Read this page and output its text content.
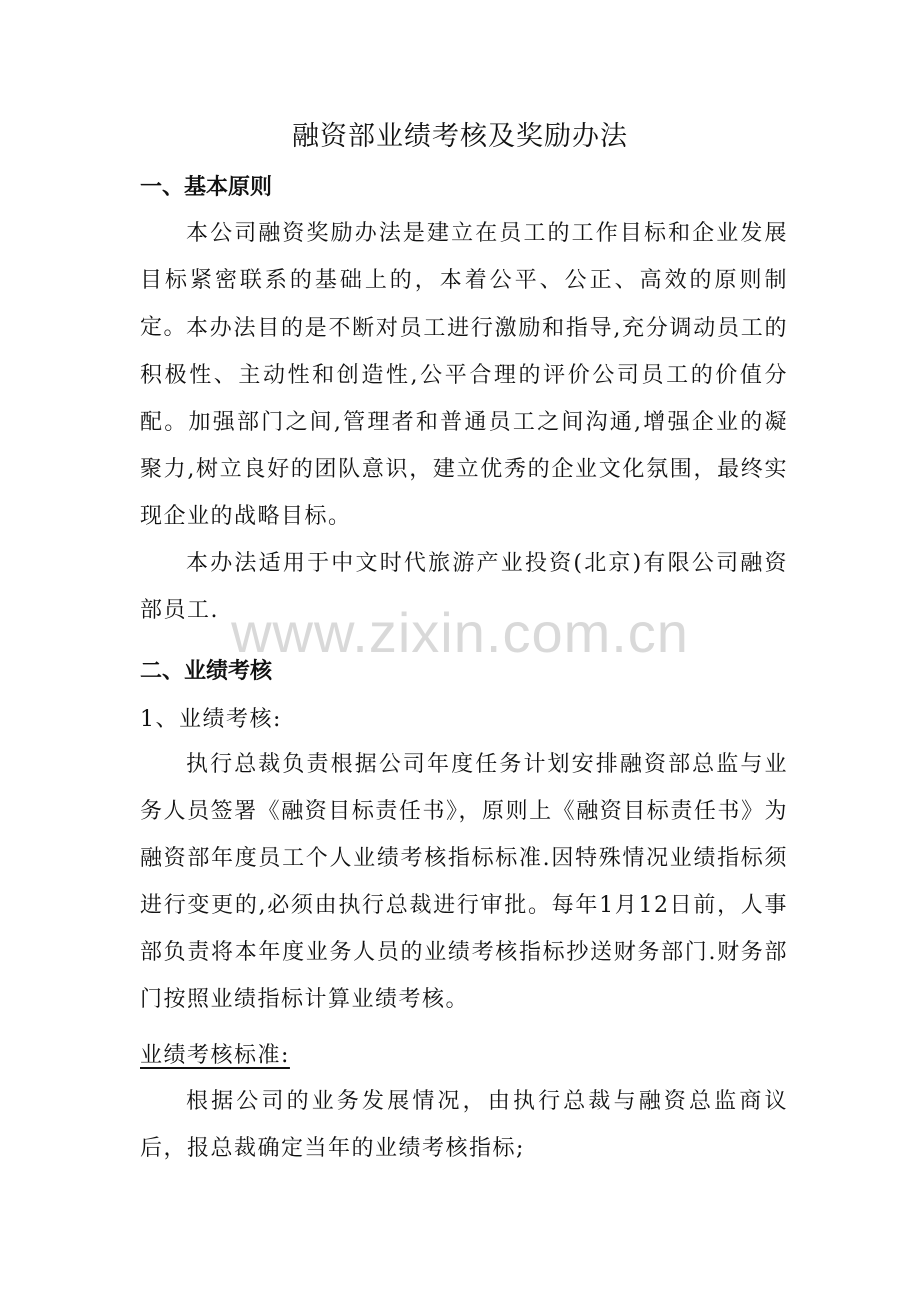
www.zixin.com.cn
融资部业绩考核及奖励办法
一、基本原则

本公司融资奖励办法是建立在员工的工作目标和企业发展目标紧密联系的基础上的，本着公平、公正、高效的原则制定。

本办法目的是不断对员工进行激励和指导,充分调动员工的积极性、主动性和创造性,公平合理的评价公司员工的价值分配。加强部门之间,管理者和普通员工之间沟通,增强企业的凝聚力,树立良好的团队意识，建立优秀的企业文化氛围，最终实现企业的战略目标。

本办法适用于中文时代旅游产业投资(北京)有限公司融资部员工.

二、业绩考核

1、业绩考核:

执行总裁负责根据公司年度任务计划安排融资部总监与业务人员签署《融资目标责任书》，原则上《融资目标责任书》为融资部年度员工个人业绩考核指标标准.因特殊情况业绩指标须进行变更的,必须由执行总裁进行审批。每年1月12日前，人事部负责将本年度业务人员的业绩考核指标抄送财务部门.财务部门按照业绩指标计算业绩考核。

业绩考核标准:

根据公司的业务发展情况，由执行总裁与融资总监商议后，报总裁确定当年的业绩考核指标;
